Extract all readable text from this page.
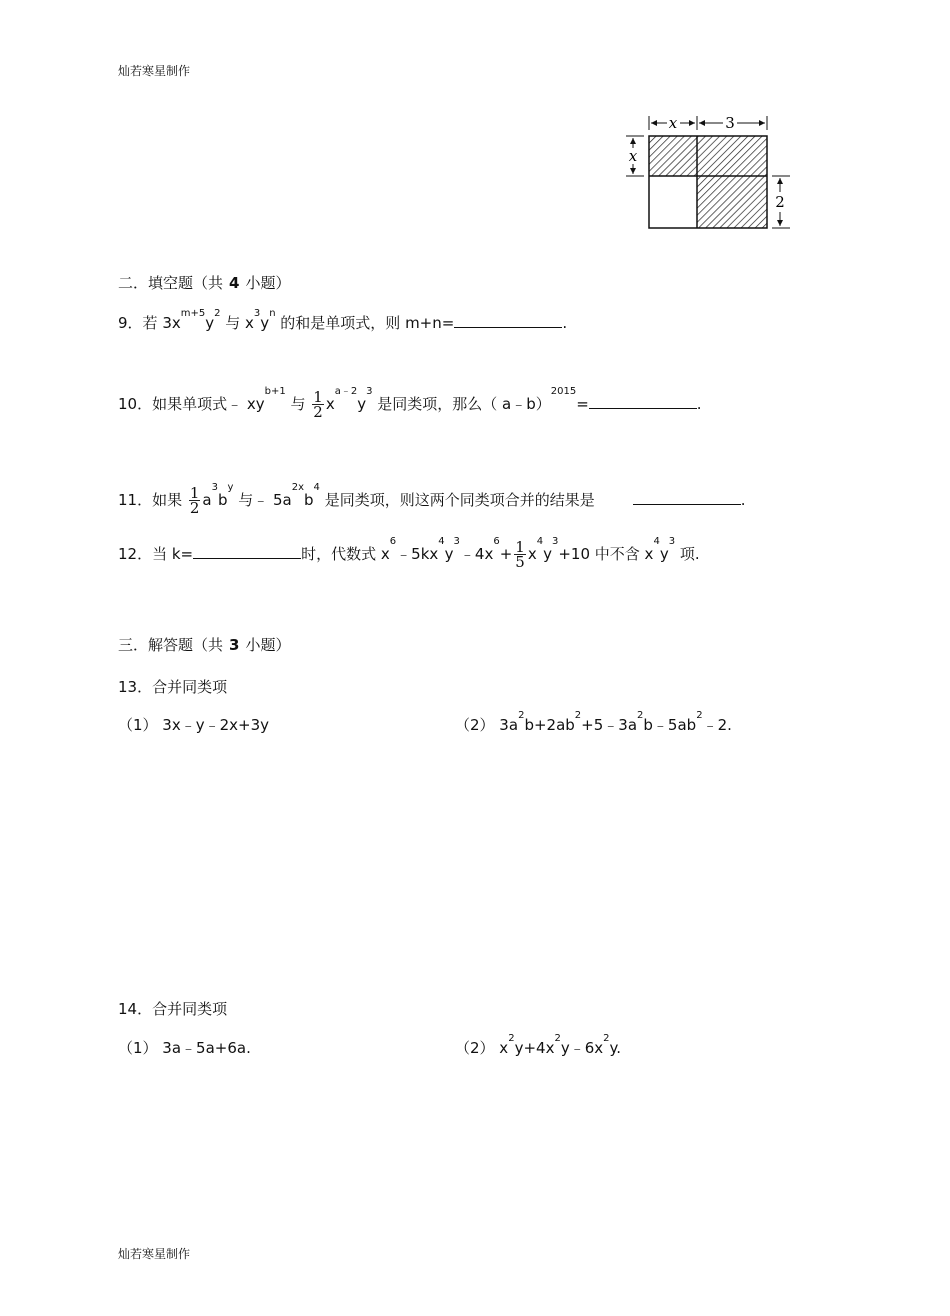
灿若寒星制作
x	3
x
2
二．填空题（共 4 小题）
9．若 $3x^{m+5}y^2$ 与 $x^3y^n$ 的和是单项式，则 m+n=	.
10．如果单项式﹣ $xy^{b+1}$ 与 $\frac{1}{2} x^{a﹣2}y^3$ 是同类项，那么（ a﹣b）$^{2015}$=	.
11．如果 $\frac{1}{2} a^3b^y$ 与﹣ $5a^{2x}b^4$ 是同类项，则这两个同类项合并的结果是	.
12．当 k=	时，代数式 $x^6﹣5kx^4y^3﹣4x^6+ \frac{1}{5} x^4y^3+10$ 中不含 $x^4y^3$ 项.
三．解答题（共 3 小题）
13．合并同类项
（1） 3x﹣y﹣2x+3y	（2） $3a^2b+2ab^2+5﹣3a^2b﹣5ab^2﹣2$.
14．合并同类项
（1） 3a﹣5a+6a.	（2） $x^2y+4x^2y﹣6x^2y$.
灿若寒星制作
